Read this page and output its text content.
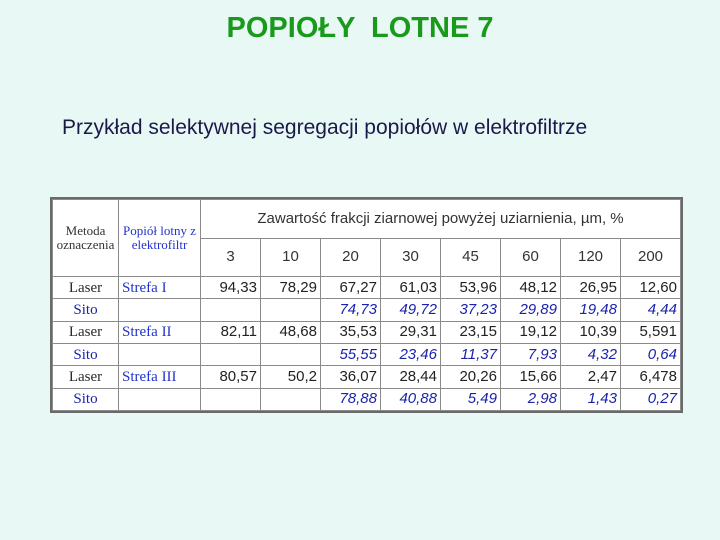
POPIOŁY  LOTNE 7
Przykład selektywnej segregacji popiołów w elektrofiltrze
Metoda oznaczenia	Popiół lotny z elektrofiltr	Zawartość frakcji ziarnowej powyżej uziarnienia, µm, %							
		3	10	20	30	45	60	120	200
Laser	Strefa I	94,33	78,29	67,27	61,03	53,96	48,12	26,95	12,60
Sito				74,73	49,72	37,23	29,89	19,48	4,44
Laser	Strefa II	82,11	48,68	35,53	29,31	23,15	19,12	10,39	5,591
Sito				55,55	23,46	11,37	7,93	4,32	0,64
Laser	Strefa III	80,57	50,2	36,07	28,44	20,26	15,66	2,47	6,478
Sito				78,88	40,88	5,49	2,98	1,43	0,27
